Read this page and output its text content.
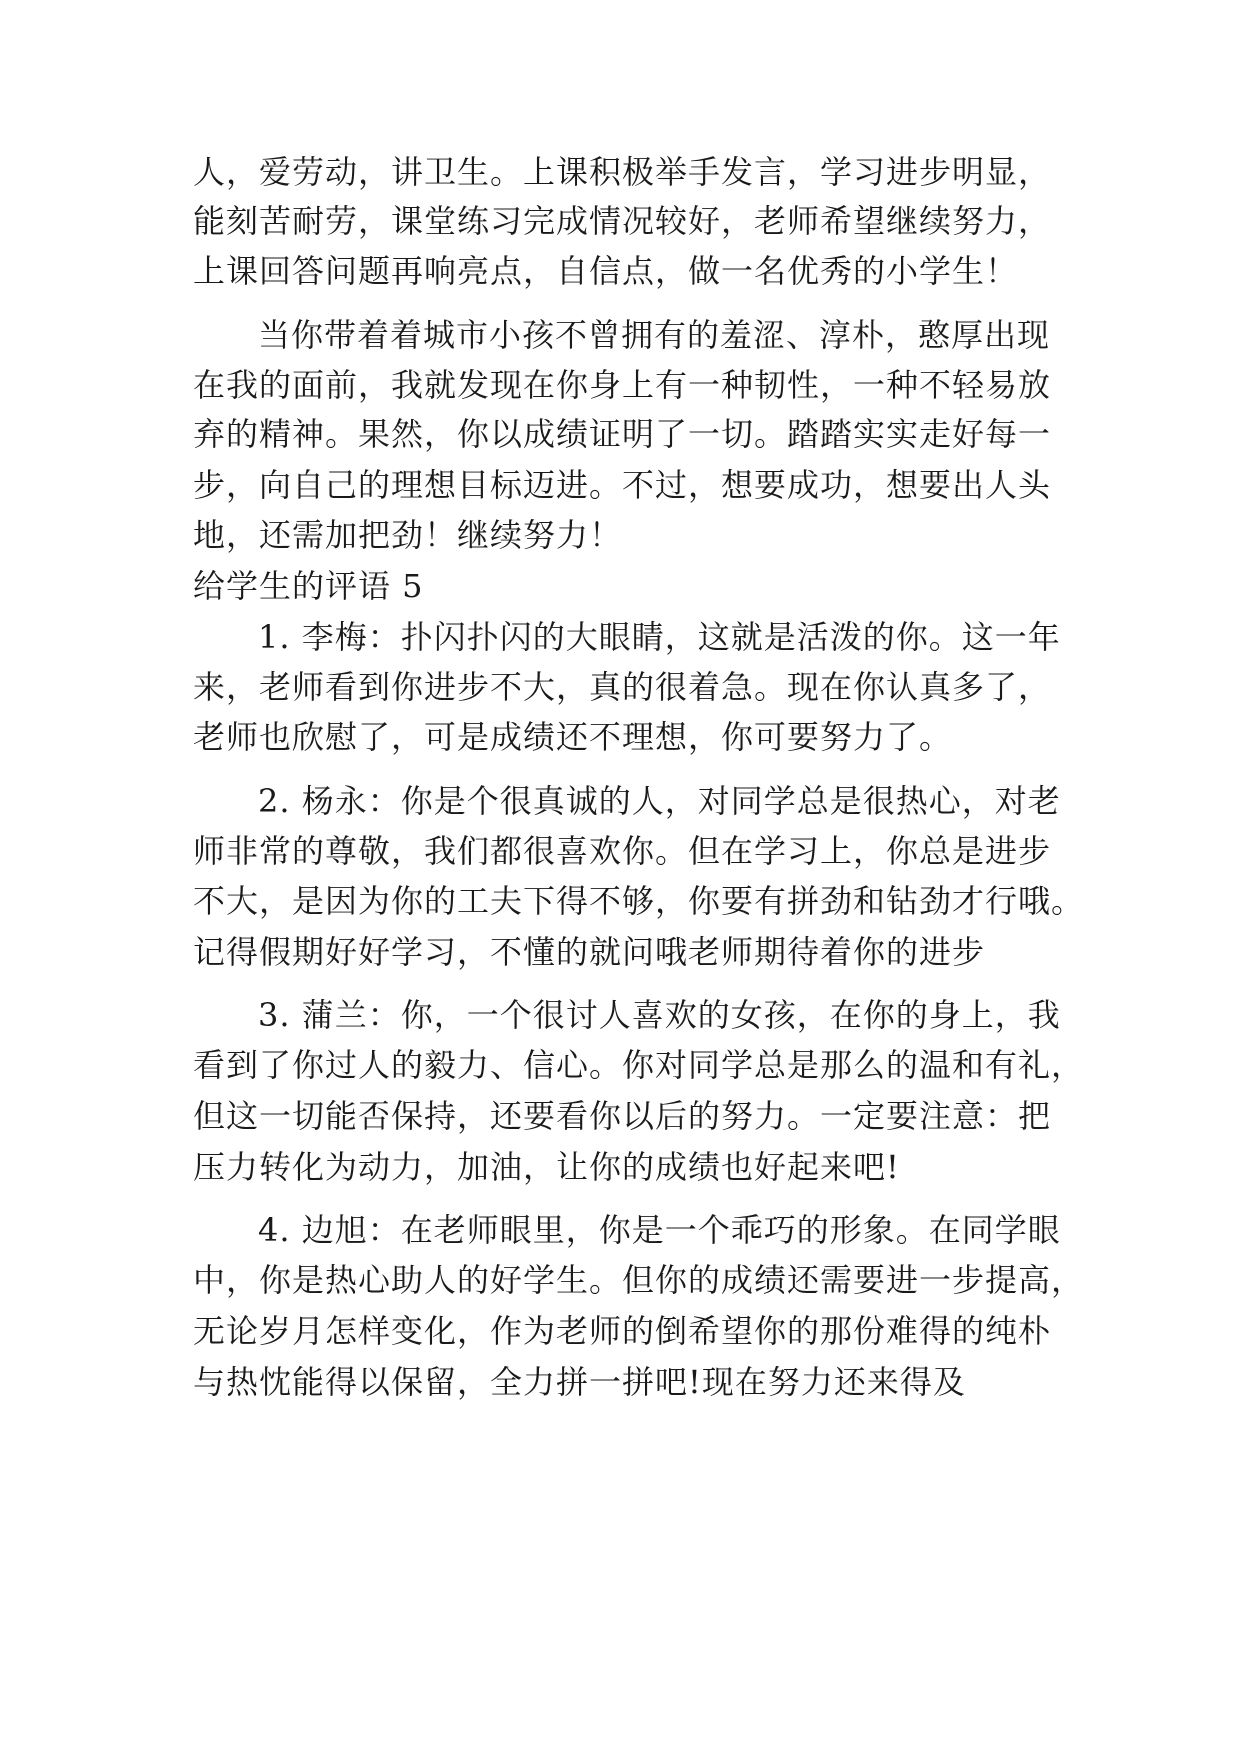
人，爱劳动，讲卫生。上课积极举手发言，学习进步明显，
能刻苦耐劳，课堂练习完成情况较好，老师希望继续努力，
上课回答问题再响亮点，自信点，做一名优秀的小学生！
当你带着着城市小孩不曾拥有的羞涩、淳朴，憨厚出现
在我的面前，我就发现在你身上有一种韧性，一种不轻易放
弃的精神。果然，你以成绩证明了一切。踏踏实实走好每一
步，向自己的理想目标迈进。不过，想要成功，想要出人头
地，还需加把劲！继续努力！
给学生的评语 5
1. 李梅：扑闪扑闪的大眼睛，这就是活泼的你。这一年
来，老师看到你进步不大，真的很着急。现在你认真多了，
老师也欣慰了，可是成绩还不理想，你可要努力了。
2. 杨永：你是个很真诚的人，对同学总是很热心，对老
师非常的尊敬，我们都很喜欢你。但在学习上，你总是进步
不大，是因为你的工夫下得不够，你要有拼劲和钻劲才行哦。
记得假期好好学习，不懂的就问哦老师期待着你的进步
3. 蒲兰：你，一个很讨人喜欢的女孩，在你的身上，我
看到了你过人的毅力、信心。你对同学总是那么的温和有礼，
但这一切能否保持，还要看你以后的努力。一定要注意：把
压力转化为动力，加油，让你的成绩也好起来吧!
4. 边旭：在老师眼里，你是一个乖巧的形象。在同学眼
中，你是热心助人的好学生。但你的成绩还需要进一步提高，
无论岁月怎样变化，作为老师的倒希望你的那份难得的纯朴
与热忱能得以保留，全力拼一拼吧!现在努力还来得及
